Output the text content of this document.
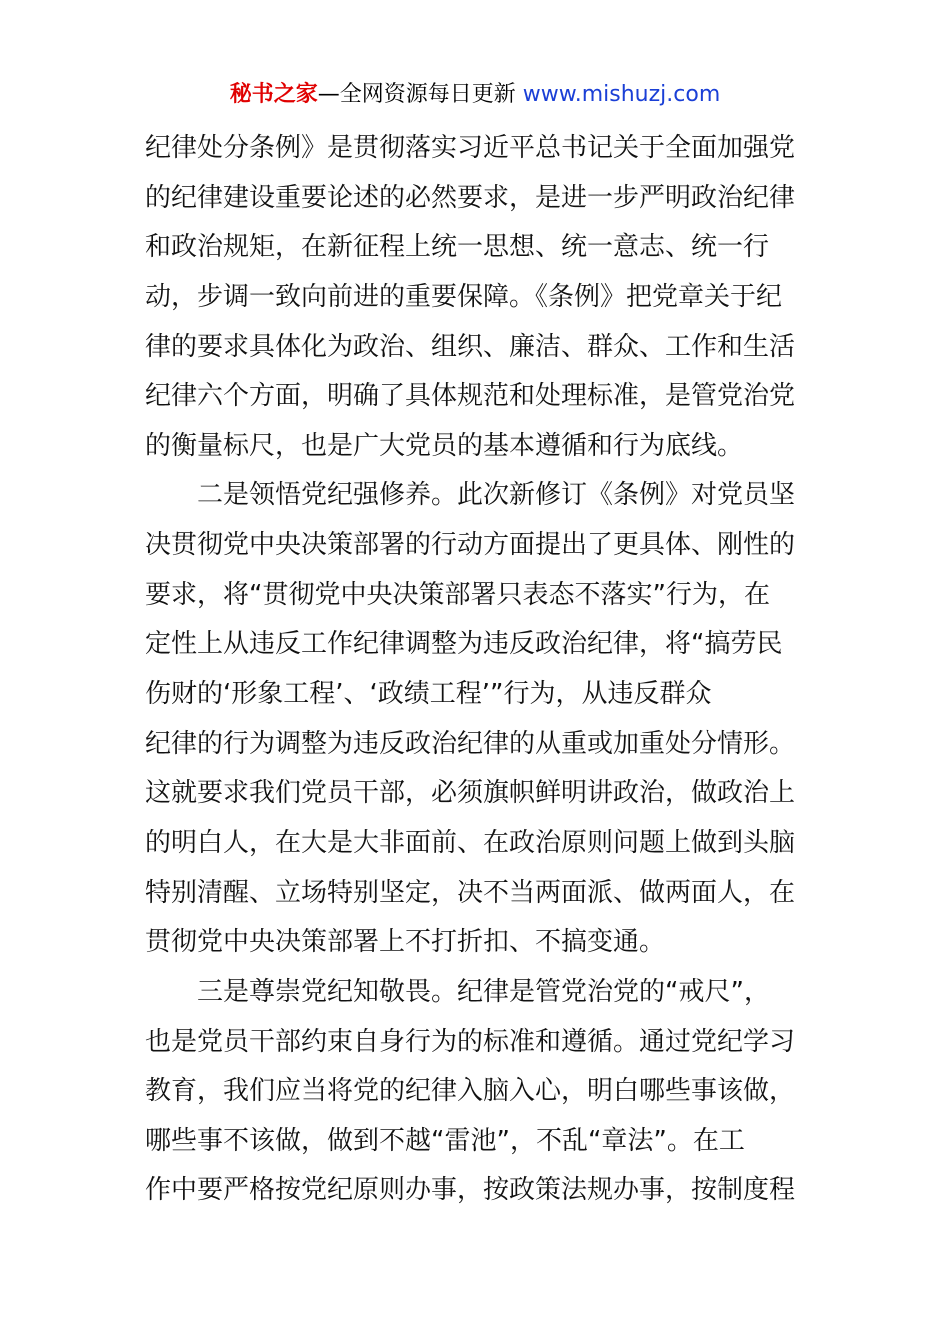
秘书之家—全网资源每日更新 www.mishuzj.com
纪律处分条例》是贯彻落实习近平总书记关于全面加强党
的纪律建设重要论述的必然要求，是进一步严明政治纪律
和政治规矩，在新征程上统一思想、统一意志、统一行
动，步调一致向前进的重要保障。《条例》把党章关于纪
律的要求具体化为政治、组织、廉洁、群众、工作和生活
纪律六个方面，明确了具体规范和处理标准，是管党治党
的衡量标尺，也是广大党员的基本遵循和行为底线。
　　二是领悟党纪强修养。此次新修订《条例》对党员坚
决贯彻党中央决策部署的行动方面提出了更具体、刚性的
要求，将“贯彻党中央决策部署只表态不落实”行为，在
定性上从违反工作纪律调整为违反政治纪律，将“搞劳民
伤财的‘形象工程’、‘政绩工程’”行为，从违反群众
纪律的行为调整为违反政治纪律的从重或加重处分情形。
这就要求我们党员干部，必须旗帜鲜明讲政治，做政治上
的明白人，在大是大非面前、在政治原则问题上做到头脑
特别清醒、立场特别坚定，决不当两面派、做两面人，在
贯彻党中央决策部署上不打折扣、不搞变通。
　　三是尊崇党纪知敬畏。纪律是管党治党的“戒尺”，
也是党员干部约束自身行为的标准和遵循。通过党纪学习
教育，我们应当将党的纪律入脑入心，明白哪些事该做，
哪些事不该做，做到不越“雷池”，不乱“章法”。在工
作中要严格按党纪原则办事，按政策法规办事，按制度程
